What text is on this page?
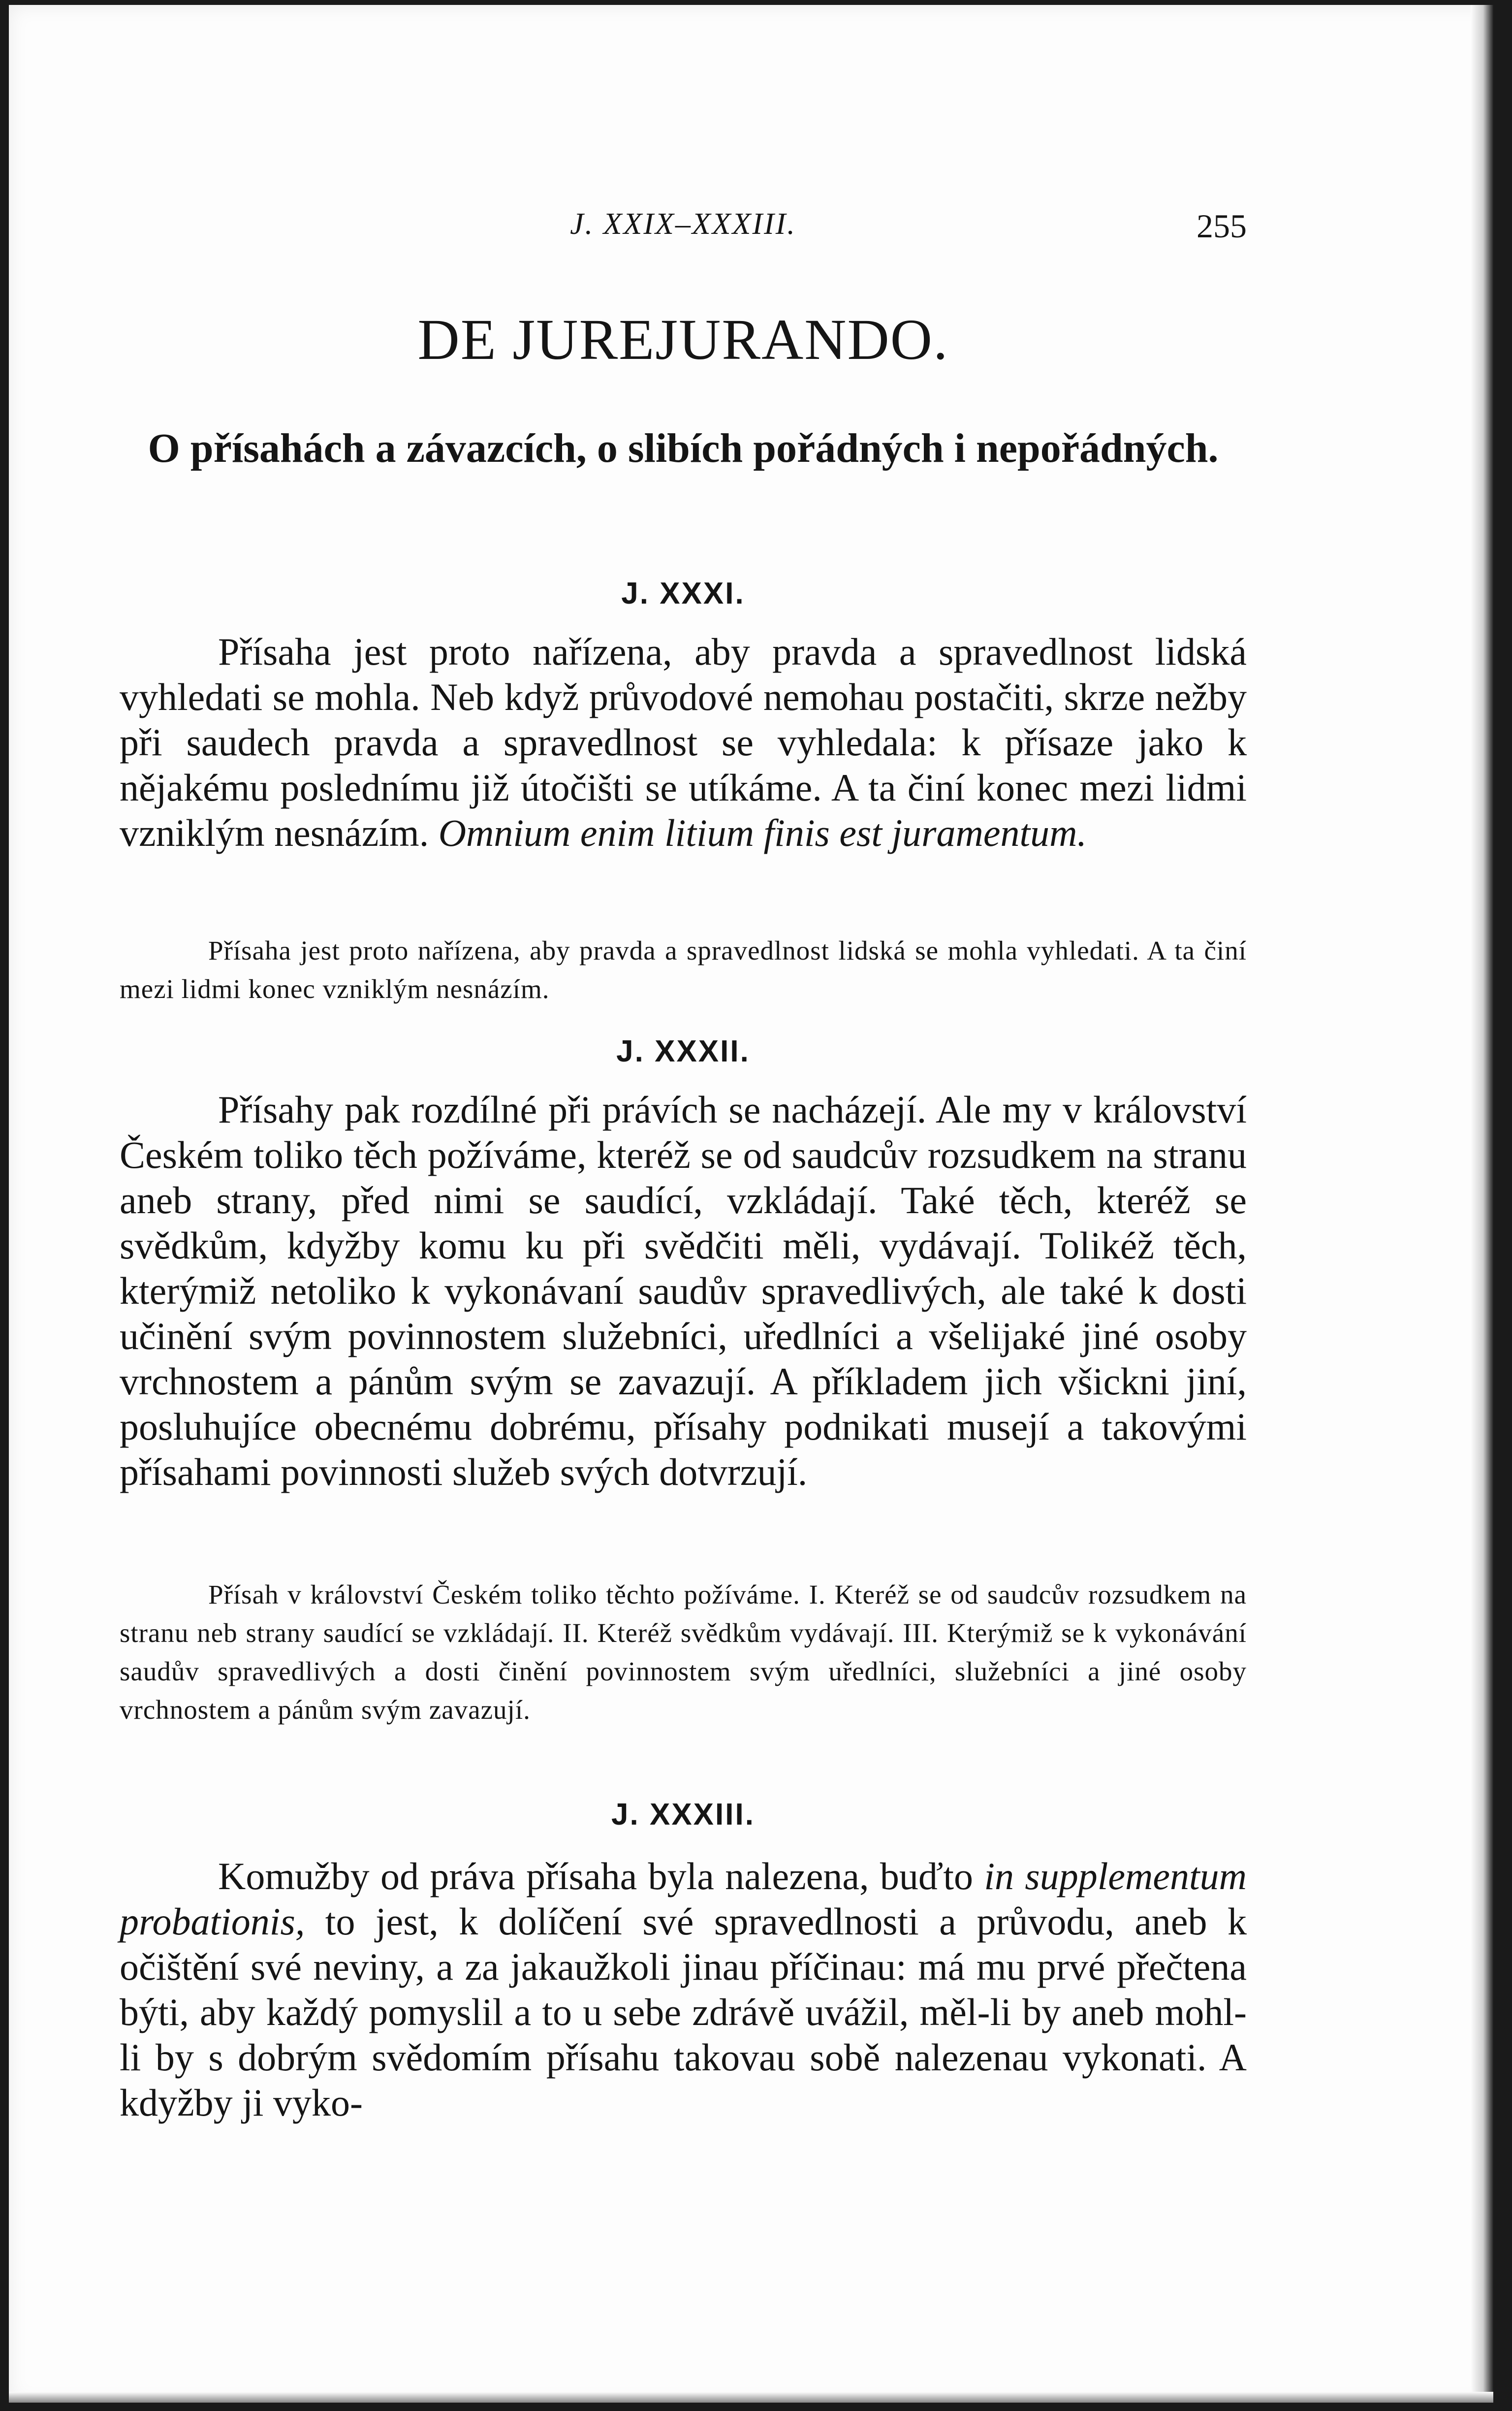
J. XXIX–XXXIII.	255
DE JUREJURANDO.
O přísahách a závazcích, o slibích pořádných i nepořádných.
J. XXXI.

Přísaha jest proto nařízena, aby pravda a spravedlnost lidská vyhledati se mohla. Neb když průvodové nemohau postačiti, skrze nežby při saudech pravda a spravedlnost se vyhledala: k přísaze jako k nějakému poslednímu již útočišti se utíkáme. A ta činí konec mezi lidmi vzniklým nesnázím. Omnium enim litium finis est juramentum.

Přísaha jest proto nařízena, aby pravda a spravedlnost lidská se mohla vyhledati. A ta činí mezi lidmi konec vzniklým nesnázím.

J. XXXII.

Přísahy pak rozdílné při právích se nacházejí. Ale my v království Českém toliko těch požíváme, kteréž se od saudcův rozsudkem na stranu aneb strany, před nimi se saudící, vzkládají. Také těch, kteréž se svědkům, kdyžby komu ku při svědčiti měli, vydávají. Tolikéž těch, kterýmiž netoliko k vykonávaní saudův spravedlivých, ale také k dosti učinění svým povinnostem služebníci, uředlníci a všelijaké jiné osoby vrchnostem a pánům svým se zavazují. A příkladem jich všickni jiní, posluhujíce obecnému dobrému, přísahy podnikati musejí a takovými přísahami povinnosti služeb svých dotvrzují.

Přísah v království Českém toliko těchto požíváme. I. Kteréž se od saudcův rozsudkem na stranu neb strany saudící se vzkládají. II. Kteréž svědkům vydávají. III. Kterýmiž se k vykonávání saudův spravedlivých a dosti činění povinnostem svým uředlníci, služebníci a jiné osoby vrchnostem a pánům svým zavazují.

J. XXXIII.

Komužby od práva přísaha byla nalezena, buďto in supplementum probationis, to jest, k dolíčení své spravedlnosti a průvodu, aneb k očištění své neviny, a za jakaužkoli jinau příčinau: má mu prvé přečtena býti, aby každý pomyslil a to u sebe zdrávě uvážil, měl-li by aneb mohl-li by s dobrým svědomím přísahu takovau sobě nalezenau vykonati. A kdyžby ji vyko-
